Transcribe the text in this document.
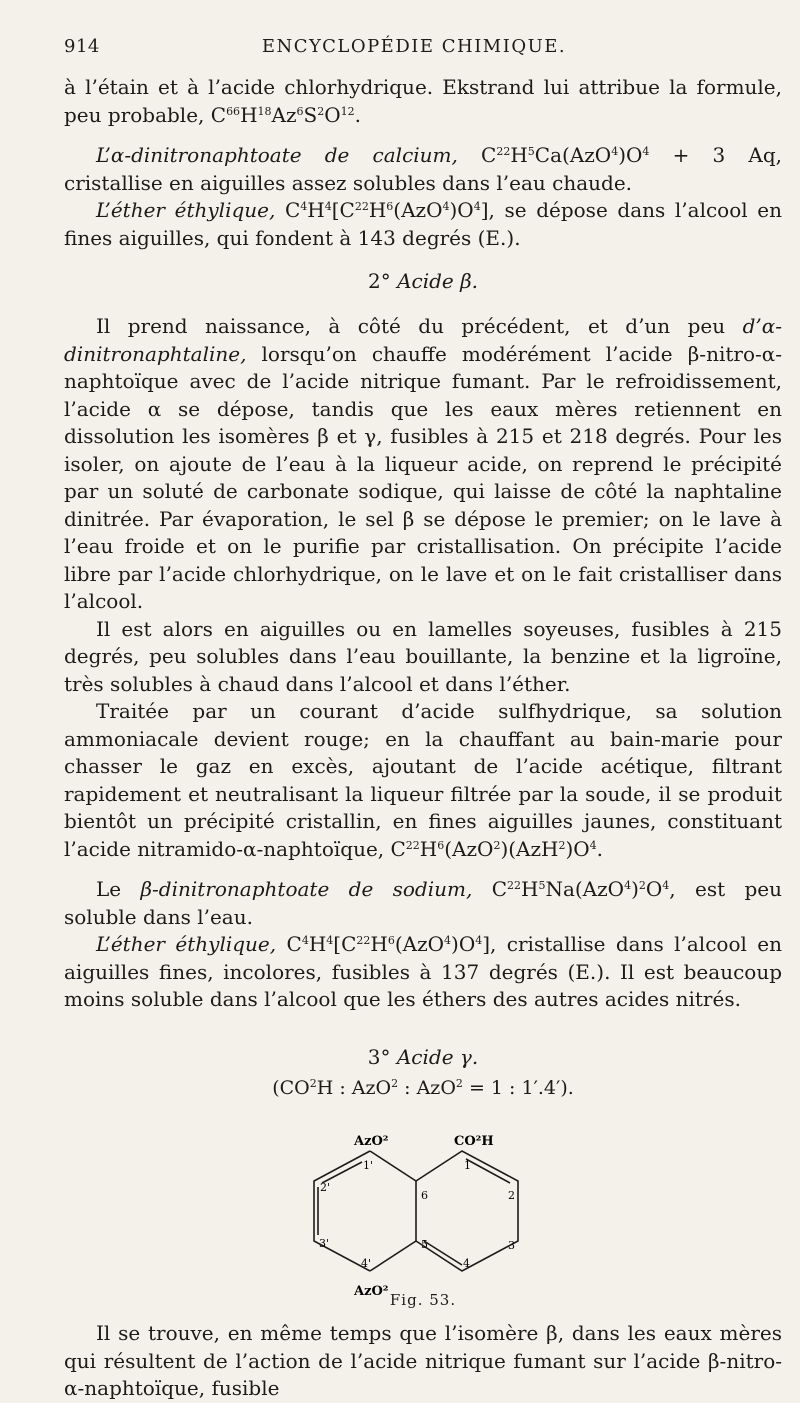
914	ENCYCLOPÉDIE CHIMIQUE.

à l’étain et à l’acide chlorhydrique. Ekstrand lui attribue la formule, peu probable, $C^{66}H^{18}Az^6S^2O^{12}$.

L’α-dinitronaphtoate de calcium, $C^{22}H^5Ca(AzO^4)O^4 + 3$ Aq, cristallise en aiguilles assez solubles dans l’eau chaude.

L’éther éthylique, $C^4H^4[C^{22}H^6(AzO^4)O^4]$, se dépose dans l’alcool en fines aiguilles, qui fondent à 143 degrés (E.).

2° Acide β.

Il prend naissance, à côté du précédent, et d’un peu d’α-dinitronaphtaline, lorsqu’on chauffe modérément l’acide β-nitro-α-naphtoïque avec de l’acide nitrique fumant. Par le refroidissement, l’acide α se dépose, tandis que les eaux mères retiennent en dissolution les isomères β et γ, fusibles à 215 et 218 degrés. Pour les isoler, on ajoute de l’eau à la liqueur acide, on reprend le précipité par un soluté de carbonate sodique, qui laisse de côté la naphtaline dinitrée. Par évaporation, le sel β se dépose le premier; on le lave à l’eau froide et on le purifie par cristallisation. On précipite l’acide libre par l’acide chlorhydrique, on le lave et on le fait cristalliser dans l’alcool.

Il est alors en aiguilles ou en lamelles soyeuses, fusibles à 215 degrés, peu solubles dans l’eau bouillante, la benzine et la ligroïne, très solubles à chaud dans l’alcool et dans l’éther.

Traitée par un courant d’acide sulfhydrique, sa solution ammoniacale devient rouge; en la chauffant au bain-marie pour chasser le gaz en excès, ajoutant de l’acide acétique, filtrant rapidement et neutralisant la liqueur filtrée par la soude, il se produit bientôt un précipité cristallin, en fines aiguilles jaunes, constituant l’acide nitramido-α-naphtoïque, $C^{22}H^6(AzO^2)(AzH^2)O^4$.

Le β-dinitronaphtoate de sodium, $C^{22}H^5Na(AzO^4)^2O^4$, est peu soluble dans l’eau.

L’éther éthylique, $C^4H^4[C^{22}H^6(AzO^4)O^4]$, cristallise dans l’alcool en aiguilles fines, incolores, fusibles à 137 degrés (E.). Il est beaucoup moins soluble dans l’alcool que les éthers des autres acides nitrés.

3° Acide γ.
($CO^2H$ : AzO$^2$ : AzO$^2$ = 1 : 1′.4′).
AzO²	CO²H
AzO²
1'	1
2'
2
3'	3
4'	4
5
6
Fig. 53.

Il se trouve, en même temps que l’isomère β, dans les eaux mères qui résultent de l’action de l’acide nitrique fumant sur l’acide β-nitro-α-naphtoïque, fusible
